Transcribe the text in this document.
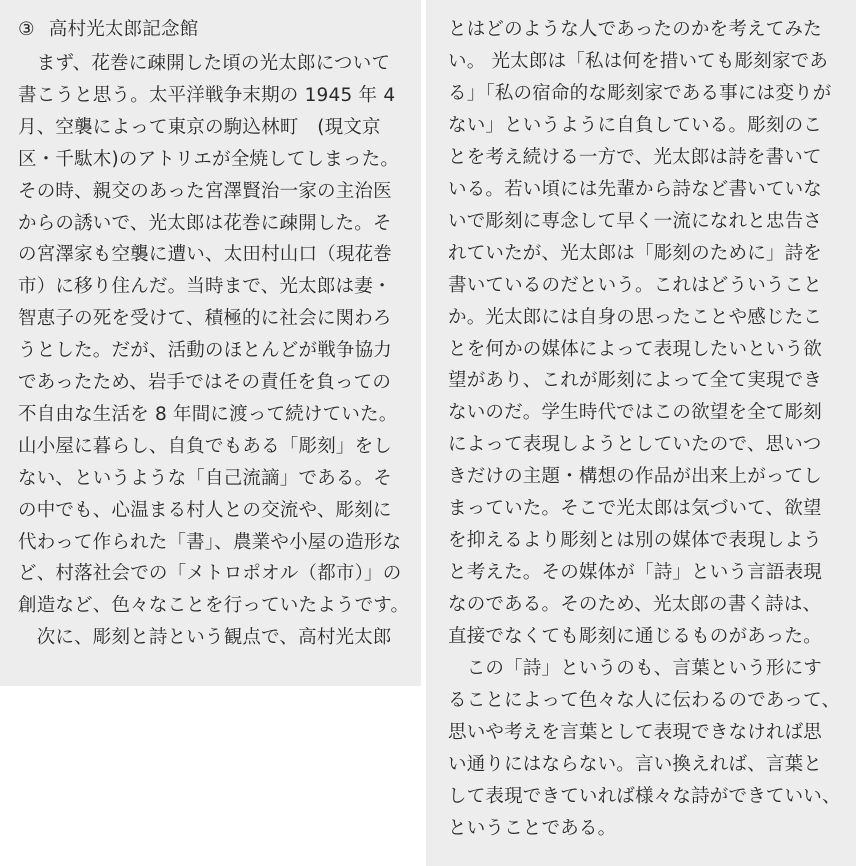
③ 高村光太郎記念館
　まず、花巻に疎開した頃の光太郎について
書こうと思う。太平洋戦争末期の 1945 年 4
月、空襲によって東京の駒込林町　(現文京
区・千駄木)のアトリエが全焼してしまった。
その時、親交のあった宮澤賢治一家の主治医
からの誘いで、光太郎は花巻に疎開した。そ
の宮澤家も空襲に遭い、太田村山口（現花巻
市）に移り住んだ。当時まで、光太郎は妻・
智恵子の死を受けて、積極的に社会に関わろ
うとした。だが、活動のほとんどが戦争協力
であったため、岩手ではその責任を負っての
不自由な生活を 8 年間に渡って続けていた。
山小屋に暮らし、自負でもある「彫刻」をし
ない、というような「自己流謫」である。そ
の中でも、心温まる村人との交流や、彫刻に
代わって作られた「書」、農業や小屋の造形な
ど、村落社会での「メトロポオル（都市）」の
創造など、色々なことを行っていたようです。
　次に、彫刻と詩という観点で、高村光太郎
とはどのような人であったのかを考えてみた
い。 光太郎は「私は何を措いても彫刻家であ
る」「私の宿命的な彫刻家である事には変りが
ない」というように自負している。彫刻のこ
とを考え続ける一方で、光太郎は詩を書いて
いる。若い頃には先輩から詩など書いていな
いで彫刻に専念して早く一流になれと忠告さ
れていたが、光太郎は「彫刻のために」詩を
書いているのだという。これはどういうこと
か。光太郎には自身の思ったことや感じたこ
とを何かの媒体によって表現したいという欲
望があり、これが彫刻によって全て実現でき
ないのだ。学生時代ではこの欲望を全て彫刻
によって表現しようとしていたので、思いつ
きだけの主題・構想の作品が出来上がってし
まっていた。そこで光太郎は気づいて、欲望
を抑えるより彫刻とは別の媒体で表現しよう
と考えた。その媒体が「詩」という言語表現
なのである。そのため、光太郎の書く詩は、
直接でなくても彫刻に通じるものがあった。
　この「詩」というのも、言葉という形にす
ることによって色々な人に伝わるのであって、
思いや考えを言葉として表現できなければ思
い通りにはならない。言い換えれば、言葉と
して表現できていれば様々な詩ができていい、
ということである。
